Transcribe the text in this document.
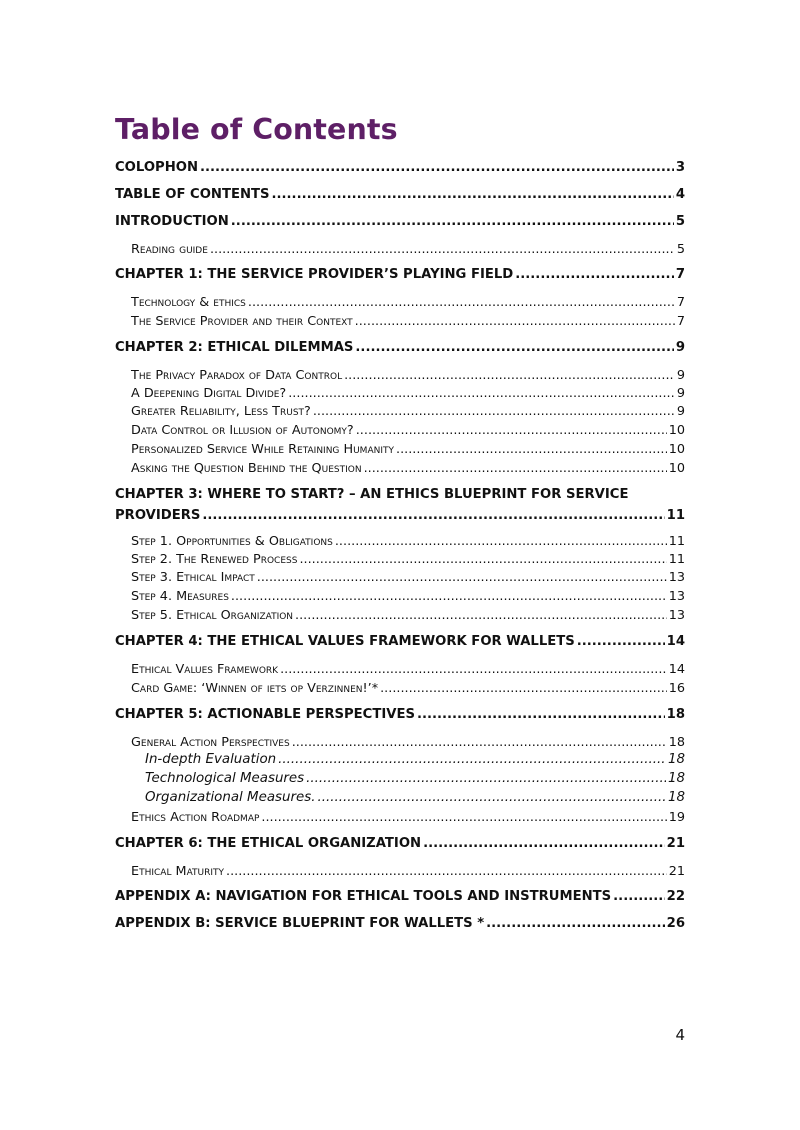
Table of Contents
COLOPHON .....	3
TABLE OF CONTENTS .....	4
INTRODUCTION .....	5
Reading guide .....	5
CHAPTER 1: THE SERVICE PROVIDER’S PLAYING FIELD .....	7
Technology & ethics .....	7
The Service Provider and their Context .....	7
CHAPTER 2: ETHICAL DILEMMAS .....	9
The Privacy Paradox of Data Control .....	9
A Deepening Digital Divide? .....	9
Greater Reliability, Less Trust? .....	9
Data Control or Illusion of Autonomy? .....	10
Personalized Service While Retaining Humanity .....	10
Asking the Question Behind the Question .....	10
CHAPTER 3: WHERE TO START? – AN ETHICS BLUEPRINT FOR SERVICE
PROVIDERS .....	11
Step 1. Opportunities & Obligations .....	11
Step 2. The Renewed Process .....	11
Step 3. Ethical Impact .....	13
Step 4. Measures .....	13
Step 5. Ethical Organization .....	13
CHAPTER 4: THE ETHICAL VALUES FRAMEWORK FOR WALLETS .....	14
Ethical Values Framework .....	14
Card Game: ‘Winnen of iets op Verzinnen!’* .....	16
CHAPTER 5: ACTIONABLE PERSPECTIVES .....	18
General Action Perspectives .....	18
In-depth Evaluation .....	18
Technological Measures .....	18
Organizational Measures. .....	18
Ethics Action Roadmap .....	19
CHAPTER 6: THE ETHICAL ORGANIZATION .....	21
Ethical Maturity .....	21
APPENDIX A: NAVIGATION FOR ETHICAL TOOLS AND INSTRUMENTS .....	22
APPENDIX B: SERVICE BLUEPRINT FOR WALLETS * .....	26
4
